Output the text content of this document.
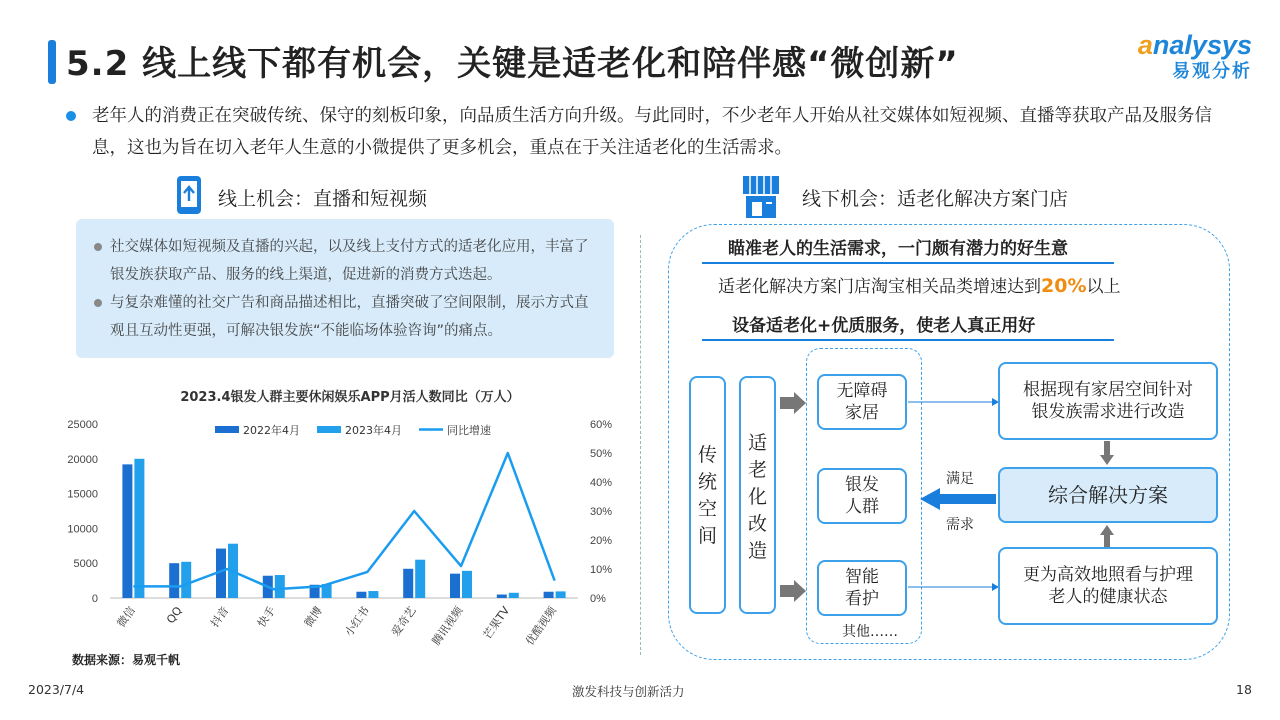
5.2 线上线下都有机会，关键是适老化和陪伴感“微创新”	analysys
易观分析
老年人的消费正在突破传统、保守的刻板印象，向品质生活方向升级。与此同时，不少老年人开始从社交媒体如短视频、直播等获取产品及服务信息，这也为旨在切入老年人生意的小微提供了更多机会，重点在于关注适老化的生活需求。
线上机会：直播和短视频
社交媒体如短视频及直播的兴起，以及线上支付方式的适老化应用，丰富了银发族获取产品、服务的线上渠道，促进新的消费方式迭起。
与复杂难懂的社交广告和商品描述相比，直播突破了空间限制，展示方式直观且互动性更强，可解决银发族“不能临场体验咨询”的痛点。
2023.4银发人群主要休闲娱乐APP月活人数同比（万人）
25000
20000
15000
10000
5000
0
60%
50%
40%
30%
20%
10%
0%
微信 QQ 抖音 快手 微博 小红书 爱奇艺 腾讯视频 芒果TV 优酷视频
2022年4月	2023年4月	同比增速
数据来源：易观千帆
线下机会：适老化解决方案门店
瞄准老人的生活需求，一门颇有潜力的好生意
适老化解决方案门店淘宝相关品类增速达到20%以上
设备适老化+优质服务，使老人真正用好
传
统
空
间
适
老
化
改
造
无障碍
家居
银发
人群
智能
看护
其他……
根据现有家居空间针对
银发族需求进行改造
综合解决方案
更为高效地照看与护理
老人的健康状态
满足
需求
2023/7/4	激发科技与创新活力	18
